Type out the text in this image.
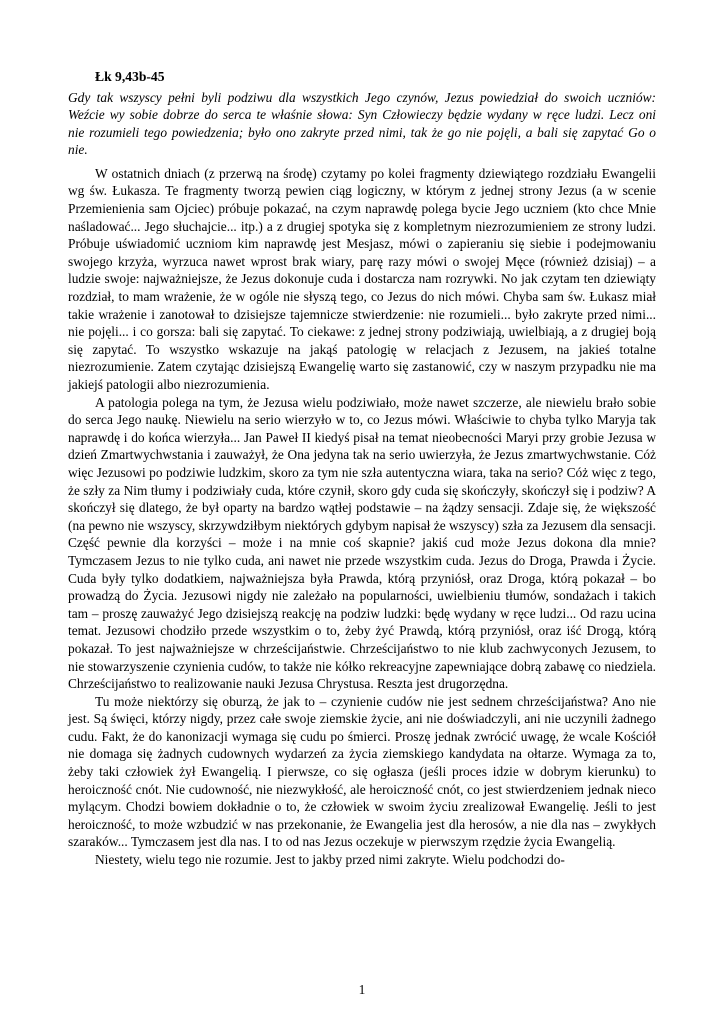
Łk 9,43b-45

Gdy tak wszyscy pełni byli podziwu dla wszystkich Jego czynów, Jezus powiedział do swoich uczniów: Weźcie wy sobie dobrze do serca te właśnie słowa: Syn Człowieczy będzie wydany w ręce ludzi. Lecz oni nie rozumieli tego powiedzenia; było ono zakryte przed nimi, tak że go nie pojęli, a bali się zapytać Go o nie.

W ostatnich dniach (z przerwą na środę) czytamy po kolei fragmenty dziewiątego rozdziału Ewangelii wg św. Łukasza. Te fragmenty tworzą pewien ciąg logiczny, w którym z jednej strony Jezus (a w scenie Przemienienia sam Ojciec) próbuje pokazać, na czym naprawdę polega bycie Jego uczniem (kto chce Mnie naśladować... Jego słuchajcie... itp.) a z drugiej spotyka się z kompletnym niezrozumieniem ze strony ludzi. Próbuje uświadomić uczniom kim naprawdę jest Mesjasz, mówi o zapieraniu się siebie i podejmowaniu swojego krzyża, wyrzuca nawet wprost brak wiary, parę razy mówi o swojej Męce (również dzisiaj) – a ludzie swoje: najważniejsze, że Jezus dokonuje cuda i dostarcza nam rozrywki. No jak czytam ten dziewiąty rozdział, to mam wrażenie, że w ogóle nie słyszą tego, co Jezus do nich mówi. Chyba sam św. Łukasz miał takie wrażenie i zanotował to dzisiejsze tajemnicze stwierdzenie: nie rozumieli... było zakryte przed nimi... nie pojęli... i co gorsza: bali się zapytać. To ciekawe: z jednej strony podziwiają, uwielbiają, a z drugiej boją się zapytać. To wszystko wskazuje na jakąś patologię w relacjach z Jezusem, na jakieś totalne niezrozumienie. Zatem czytając dzisiejszą Ewangelię warto się zastanowić, czy w naszym przypadku nie ma jakiejś patologii albo niezrozumienia.

A patologia polega na tym, że Jezusa wielu podziwiało, może nawet szczerze, ale niewielu brało sobie do serca Jego naukę. Niewielu na serio wierzyło w to, co Jezus mówi. Właściwie to chyba tylko Maryja tak naprawdę i do końca wierzyła... Jan Paweł II kiedyś pisał na temat nieobecności Maryi przy grobie Jezusa w dzień Zmartwychwstania i zauważył, że Ona jedyna tak na serio uwierzyła, że Jezus zmartwychwstanie. Cóż więc Jezusowi po podziwie ludzkim, skoro za tym nie szła autentyczna wiara, taka na serio? Cóż więc z tego, że szły za Nim tłumy i podziwiały cuda, które czynił, skoro gdy cuda się skończyły, skończył się i podziw? A skończył się dlatego, że był oparty na bardzo wątłej podstawie – na żądzy sensacji. Zdaje się, że większość (na pewno nie wszyscy, skrzywdziłbym niektórych gdybym napisał że wszyscy) szła za Jezusem dla sensacji. Część pewnie dla korzyści – może i na mnie coś skapnie? jakiś cud może Jezus dokona dla mnie? Tymczasem Jezus to nie tylko cuda, ani nawet nie przede wszystkim cuda. Jezus do Droga, Prawda i Życie. Cuda były tylko dodatkiem, najważniejsza była Prawda, którą przyniósł, oraz Droga, którą pokazał – bo prowadzą do Życia. Jezusowi nigdy nie zależało na popularności, uwielbieniu tłumów, sondażach i takich tam – proszę zauważyć Jego dzisiejszą reakcję na podziw ludzki: będę wydany w ręce ludzi... Od razu ucina temat. Jezusowi chodziło przede wszystkim o to, żeby żyć Prawdą, którą przyniósł, oraz iść Drogą, którą pokazał. To jest najważniejsze w chrześcijaństwie. Chrześcijaństwo to nie klub zachwyconych Jezusem, to nie stowarzyszenie czynienia cudów, to także nie kółko rekreacyjne zapewniające dobrą zabawę co niedziela. Chrześcijaństwo to realizowanie nauki Jezusa Chrystusa. Reszta jest drugorzędna.

Tu może niektórzy się oburzą, że jak to – czynienie cudów nie jest sednem chrześcijaństwa? Ano nie jest. Są święci, którzy nigdy, przez całe swoje ziemskie życie, ani nie doświadczyli, ani nie uczynili żadnego cudu. Fakt, że do kanonizacji wymaga się cudu po śmierci. Proszę jednak zwrócić uwagę, że wcale Kościół nie domaga się żadnych cudownych wydarzeń za życia ziemskiego kandydata na ołtarze. Wymaga za to, żeby taki człowiek żył Ewangelią. I pierwsze, co się ogłasza (jeśli proces idzie w dobrym kierunku) to heroiczność cnót. Nie cudowność, nie niezwykłość, ale heroiczność cnót, co jest stwierdzeniem jednak nieco mylącym. Chodzi bowiem dokładnie o to, że człowiek w swoim życiu zrealizował Ewangelię. Jeśli to jest heroiczność, to może wzbudzić w nas przekonanie, że Ewangelia jest dla herosów, a nie dla nas – zwykłych szaraków... Tymczasem jest dla nas. I to od nas Jezus oczekuje w pierwszym rzędzie życia Ewangelią.

Niestety, wielu tego nie rozumie. Jest to jakby przed nimi zakryte. Wielu podchodzi do-

1
